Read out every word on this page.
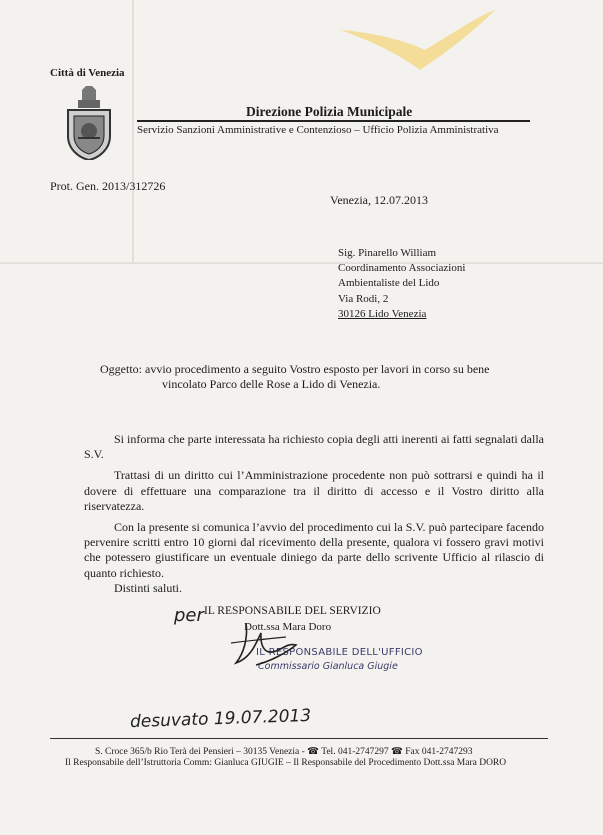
Città di Venezia
Direzione Polizia Municipale
Servizio Sanzioni Amministrative e Contenzioso – Ufficio Polizia Amministrativa
Prot. Gen. 2013/312726
Venezia, 12.07.2013
Sig. Pinarello William
Coordinamento Associazioni
Ambientaliste del Lido
Via Rodi, 2
30126 Lido Venezia
Oggetto: avvio procedimento a seguito Vostro esposto per lavori in corso su bene
vincolato Parco delle Rose a Lido di Venezia.

Si informa che parte interessata ha richiesto copia degli atti inerenti ai fatti segnalati dalla S.V.

Trattasi di un diritto cui l’Amministrazione procedente non può sottrarsi e quindi ha il dovere di effettuare una comparazione tra il diritto di accesso e il Vostro diritto alla riservatezza.

Con la presente si comunica l’avvio del procedimento cui la S.V. può partecipare facendo pervenire scritti entro 10 giorni dal ricevimento della presente, qualora vi fossero gravi motivi che potessero giustificare un eventuale diniego da parte dello scrivente Ufficio al rilascio di quanto richiesto.

Distinti saluti.

per IL RESPONSABILE DEL SERVIZIO
Dott.ssa Mara Doro
IL RESPONSABILE DELL'UFFICIO
Commissario Gianluca Giugie
desuvato 19.07.2013
S. Croce 365/b Rio Terà dei Pensieri – 30135 Venezia - ☎ Tel. 041-2747297 ☎ Fax 041-2747293
Il Responsabile dell’Istruttoria Comm: Gianluca GIUGIE – Il Responsabile del Procedimento Dott.ssa Mara DORO
